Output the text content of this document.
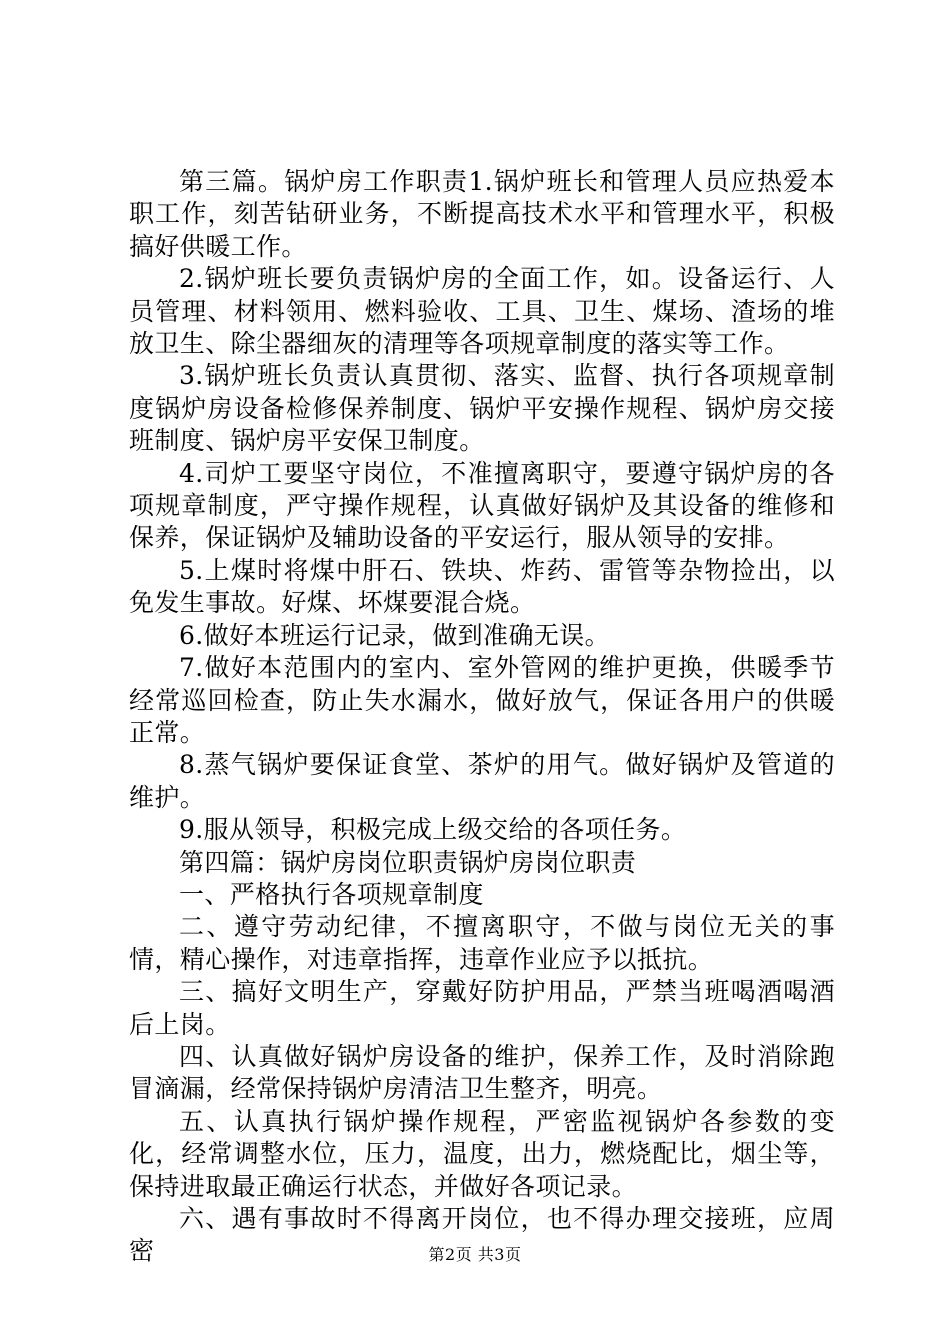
第三篇。锅炉房工作职责1.锅炉班长和管理人员应热爱本职工作，刻苦钻研业务，不断提高技术水平和管理水平，积极搞好供暖工作。

2.锅炉班长要负责锅炉房的全面工作，如。设备运行、人员管理、材料领用、燃料验收、工具、卫生、煤场、渣场的堆放卫生、除尘器细灰的清理等各项规章制度的落实等工作。

3.锅炉班长负责认真贯彻、落实、监督、执行各项规章制度锅炉房设备检修保养制度、锅炉平安操作规程、锅炉房交接班制度、锅炉房平安保卫制度。

4.司炉工要坚守岗位，不准擅离职守，要遵守锅炉房的各项规章制度，严守操作规程，认真做好锅炉及其设备的维修和保养，保证锅炉及辅助设备的平安运行，服从领导的安排。

5.上煤时将煤中肝石、铁块、炸药、雷管等杂物捡出，以免发生事故。好煤、坏煤要混合烧。

6.做好本班运行记录，做到准确无误。

7.做好本范围内的室内、室外管网的维护更换，供暖季节经常巡回检查，防止失水漏水，做好放气，保证各用户的供暖正常。

8.蒸气锅炉要保证食堂、茶炉的用气。做好锅炉及管道的维护。

9.服从领导，积极完成上级交给的各项任务。

第四篇：锅炉房岗位职责锅炉房岗位职责

一、严格执行各项规章制度

二、遵守劳动纪律，不擅离职守，不做与岗位无关的事情，精心操作，对违章指挥，违章作业应予以抵抗。

三、搞好文明生产，穿戴好防护用品，严禁当班喝酒喝酒后上岗。

四、认真做好锅炉房设备的维护，保养工作，及时消除跑冒滴漏，经常保持锅炉房清洁卫生整齐，明亮。

五、认真执行锅炉操作规程，严密监视锅炉各参数的变化，经常调整水位，压力，温度，出力，燃烧配比，烟尘等，保持进取最正确运行状态，并做好各项记录。

六、遇有事故时不得离开岗位，也不得办理交接班，应周密	第2页 共3页
